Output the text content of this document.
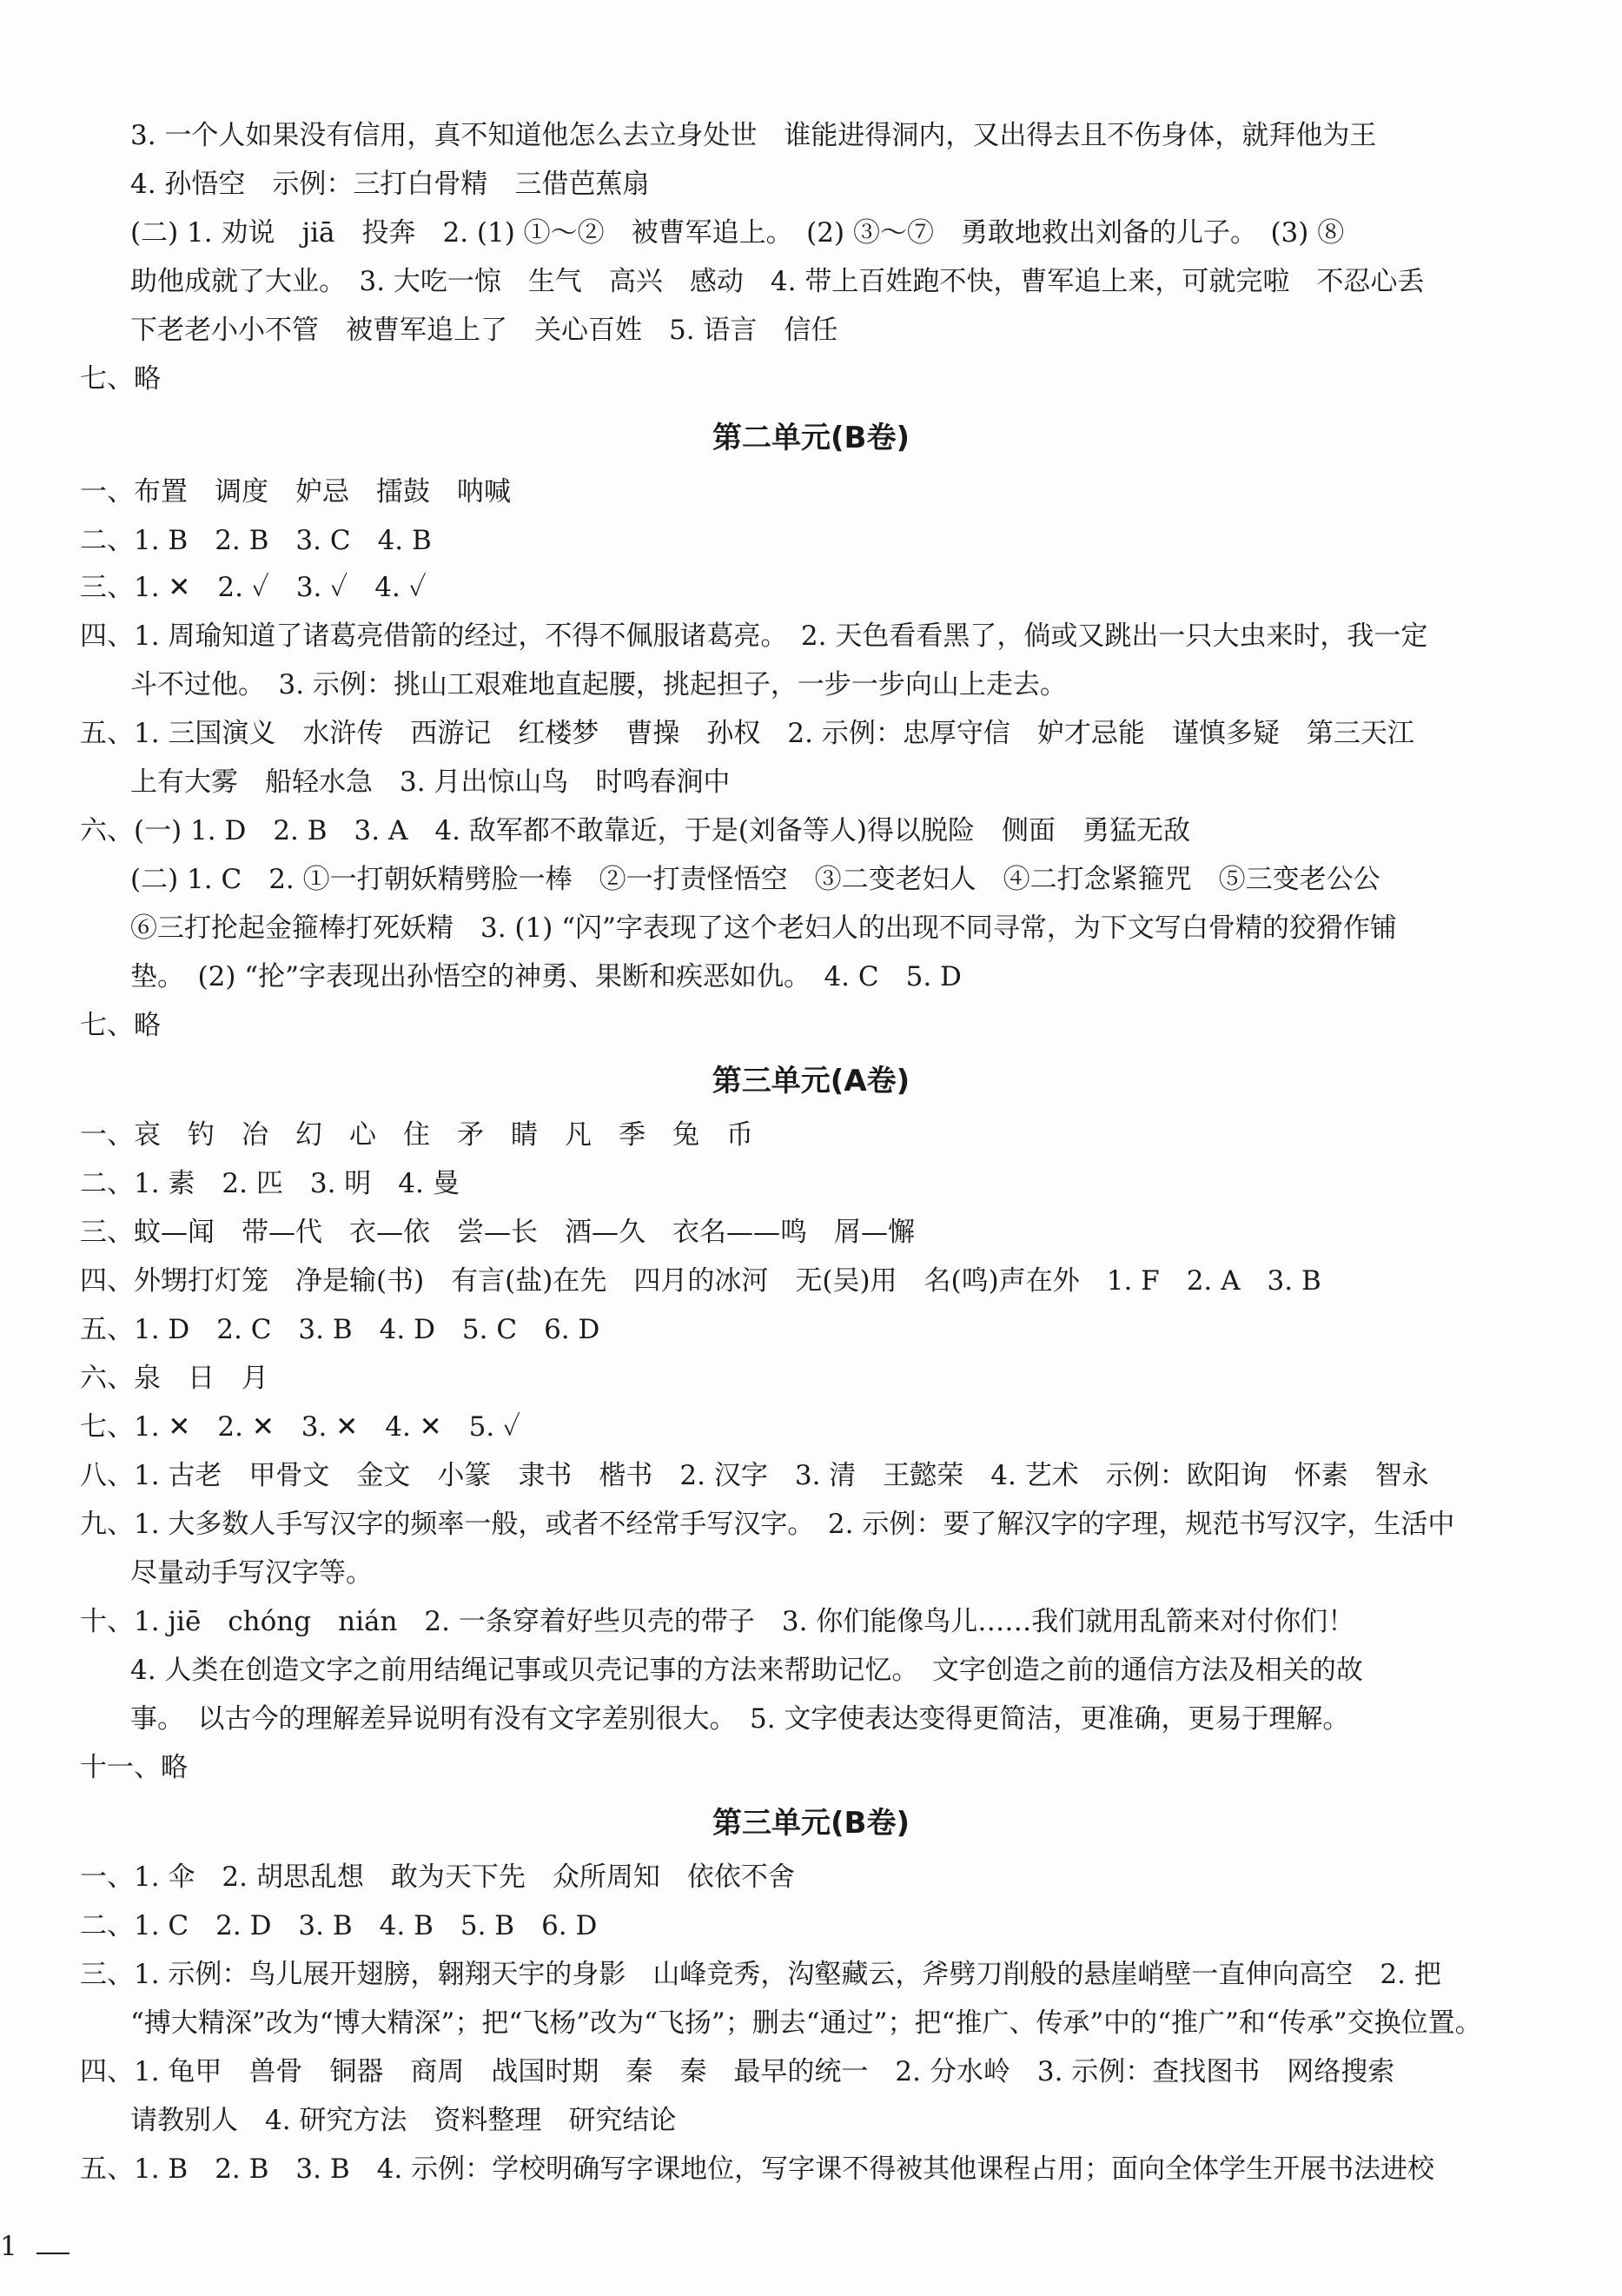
3. 一个人如果没有信用，真不知道他怎么去立身处世　谁能进得洞内，又出得去且不伤身体，就拜他为王
4. 孙悟空　示例：三打白骨精　三借芭蕉扇
(二) 1. 劝说　jiā　投奔　2. (1) ①～②　被曹军追上。　(2) ③～⑦　勇敢地救出刘备的儿子。　(3) ⑧
助他成就了大业。　3. 大吃一惊　生气　高兴　感动　4. 带上百姓跑不快，曹军追上来，可就完啦　不忍心丢
下老老小小不管　被曹军追上了　关心百姓　5. 语言　信任
七、略
第二单元(B卷)
一、布置　调度　妒忌　擂鼓　呐喊
二、1. B　2. B　3. C　4. B
三、1. ✕　2. ✓　3. ✓　4. ✓
四、1. 周瑜知道了诸葛亮借箭的经过，不得不佩服诸葛亮。　2. 天色看看黑了，倘或又跳出一只大虫来时，我一定
斗不过他。　3. 示例：挑山工艰难地直起腰，挑起担子，一步一步向山上走去。
五、1. 三国演义　水浒传　西游记　红楼梦　曹操　孙权　2. 示例：忠厚守信　妒才忌能　谨慎多疑　第三天江
上有大雾　船轻水急　3. 月出惊山鸟　时鸣春涧中
六、(一) 1. D　2. B　3. A　4. 敌军都不敢靠近，于是(刘备等人)得以脱险　侧面　勇猛无敌
(二) 1. C　2. ①一打朝妖精劈脸一棒　②一打责怪悟空　③二变老妇人　④二打念紧箍咒　⑤三变老公公
⑥三打抡起金箍棒打死妖精　3. (1) “闪”字表现了这个老妇人的出现不同寻常，为下文写白骨精的狡猾作铺
垫。　(2) “抡”字表现出孙悟空的神勇、果断和疾恶如仇。　4. C　5. D
七、略
第三单元(A卷)
一、哀　钓　冶　幻　心　住　矛　睛　凡　季　兔　币
二、1. 素　2. 匹　3. 明　4. 曼
三、蚊—闻　带—代　衣—依　尝—长　酒—久　衣名——鸣　屑—懈
四、外甥打灯笼　净是输(书)　有言(盐)在先　四月的冰河　无(吴)用　名(鸣)声在外　1. F　2. A　3. B
五、1. D　2. C　3. B　4. D　5. C　6. D
六、泉　日　月
七、1. ✕　2. ✕　3. ✕　4. ✕　5. ✓
八、1. 古老　甲骨文　金文　小篆　隶书　楷书　2. 汉字　3. 清　王懿荣　4. 艺术　示例：欧阳询　怀素　智永
九、1. 大多数人手写汉字的频率一般，或者不经常手写汉字。　2. 示例：要了解汉字的字理，规范书写汉字，生活中
尽量动手写汉字等。
十、1. jiē　chóng　nián　2. 一条穿着好些贝壳的带子　3. 你们能像鸟儿……我们就用乱箭来对付你们！
4. 人类在创造文字之前用结绳记事或贝壳记事的方法来帮助记忆。　文字创造之前的通信方法及相关的故
事。　以古今的理解差异说明有没有文字差别很大。　5. 文字使表达变得更简洁，更准确，更易于理解。
十一、略
第三单元(B卷)
一、1. 伞　2. 胡思乱想　敢为天下先　众所周知　依依不舍
二、1. C　2. D　3. B　4. B　5. B　6. D
三、1. 示例：鸟儿展开翅膀，翱翔天宇的身影　山峰竞秀，沟壑藏云，斧劈刀削般的悬崖峭壁一直伸向高空　2. 把
“搏大精深”改为“博大精深”；把“飞杨”改为“飞扬”；删去“通过”；把“推广、传承”中的“推广”和“传承”交换位置。
四、1. 龟甲　兽骨　铜器　商周　战国时期　秦　秦　最早的统一　2. 分水岭　3. 示例：查找图书　网络搜索
请教别人　4. 研究方法　资料整理　研究结论
五、1. B　2. B　3. B　4. 示例：学校明确写字课地位，写字课不得被其他课程占用；面向全体学生开展书法进校
1
